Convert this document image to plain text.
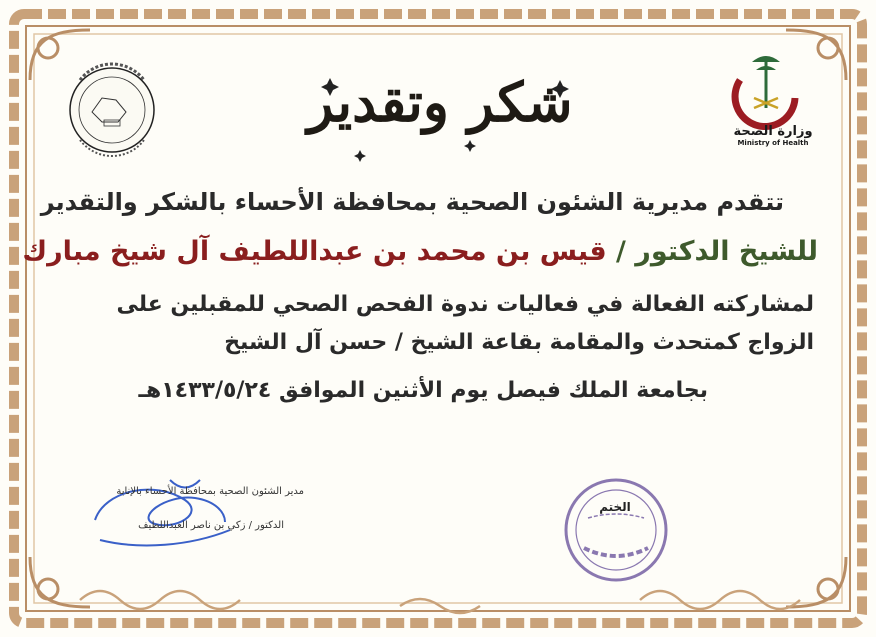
شكر وتقدير	وزارة الصحة
Ministry of Health
تتقدم مديرية الشئون الصحية بمحافظة الأحساء بالشكر والتقدير
للشيخ الدكتور / قيس بن محمد بن عبداللطيف آل شيخ مبارك
لمشاركته الفعالة في فعاليات ندوة الفحص الصحي للمقبلين على
الزواج كمتحدث والمقامة بقاعة الشيخ / حسن آل الشيخ
بجامعة الملك فيصل يوم الأثنين الموافق ١٤٣٣/٥/٢٤هـ
مدير الشئون الصحية بمحافظة الأحساء بالإنابة
الدكتور / زكي بن ناصر العبداللطيف
الختم
